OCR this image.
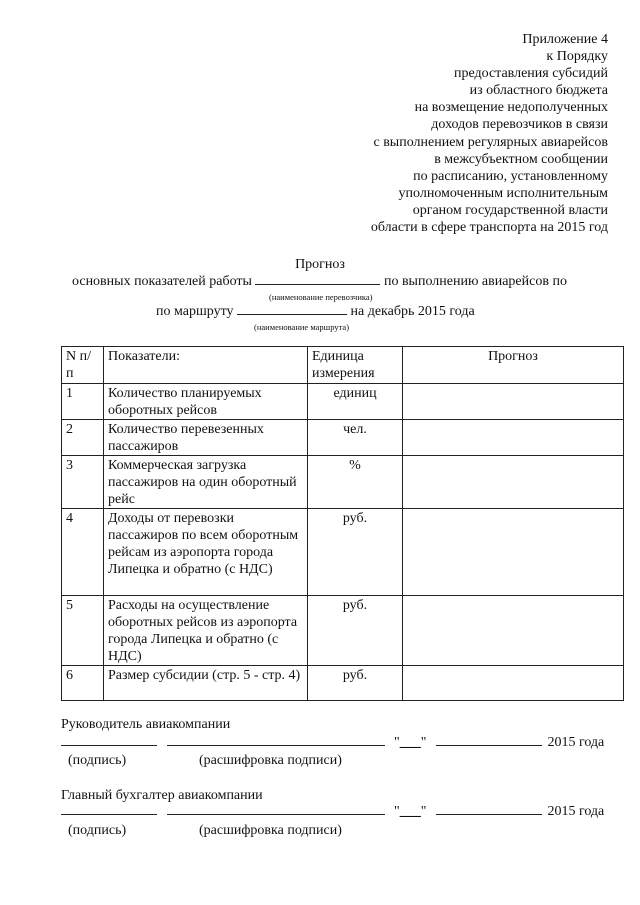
Приложение 4
к Порядку
предоставления субсидий
из областного бюджета
на возмещение недополученных
доходов перевозчиков в связи
с выполнением регулярных авиарейсов
в межсубъектном сообщении
по расписанию, установленному
уполномоченным исполнительным
органом государственной власти
области в сфере транспорта на 2015 год
Прогноз
основных показателей работы	по выполнению авиарейсов по
(наименование перевозчика)
по маршруту	на декабрь 2015 года
(наименование маршрута)
N п/п	Показатели:	Единица измерения	Прогноз
1	Количество планируемых оборотных рейсов	единиц	
2	Количество перевезенных пассажиров	чел.	
3	Коммерческая загрузка пассажиров на один оборотный рейс	%	
4	Доходы от перевозки пассажиров по всем оборотным рейсам из аэропорта города Липецка и обратно (с НДС)	руб.	
5	Расходы на осуществление оборотных рейсов из аэропорта города Липецка и обратно (с НДС)	руб.	
6	Размер субсидии (стр. 5 - стр. 4)	руб.	
Руководитель авиакомпании
"___"	2015 года
(подпись)	(расшифровка подписи)
Главный бухгалтер авиакомпании
"___"	2015 года
(подпись)	(расшифровка подписи)
